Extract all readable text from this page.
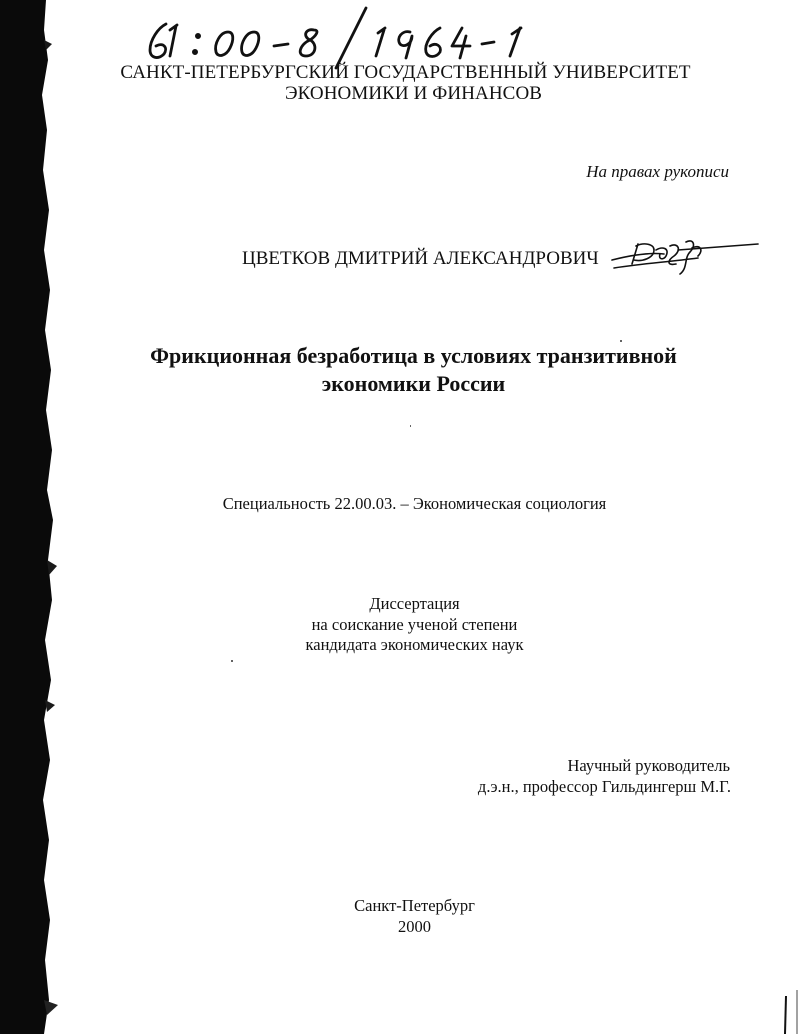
САНКТ-ПЕТЕРБУРГСКИЙ ГОСУДАРСТВЕННЫЙ УНИВЕРСИТЕТ
ЭКОНОМИКИ И ФИНАНСОВ
На правах рукописи
ЦВЕТКОВ ДМИТРИЙ АЛЕКСАНДРОВИЧ
Фрикционная безработица в условиях транзитивной
экономики России
Специальность 22.00.03. – Экономическая социология
Диссертация
на соискание ученой степени
кандидата экономических наук
Научный руководитель
д.э.н., профессор Гильдингерш М.Г.
Санкт-Петербург
2000
